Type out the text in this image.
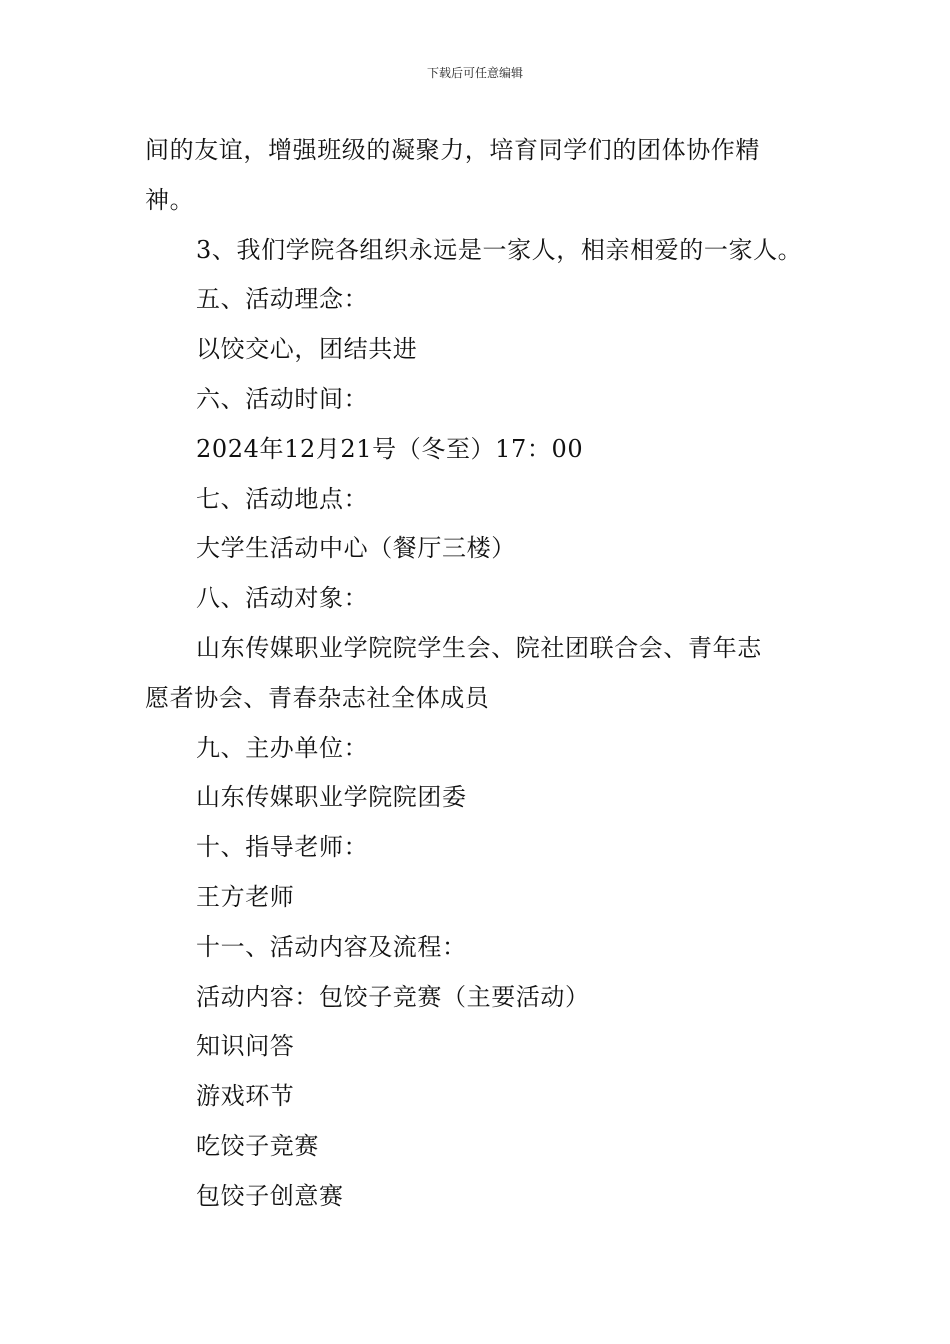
下载后可任意编辑

间的友谊，增强班级的凝聚力，培育同学们的团体协作精

神。

3、我们学院各组织永远是一家人，相亲相爱的一家人。

五、活动理念：

以饺交心，团结共进

六、活动时间：

2024年12月21号（冬至）17：00

七、活动地点：

大学生活动中心（餐厅三楼）

八、活动对象：

山东传媒职业学院院学生会、院社团联合会、青年志

愿者协会、青春杂志社全体成员

九、主办单位：

山东传媒职业学院院团委

十、指导老师：

王方老师

十一、活动内容及流程：

活动内容：包饺子竞赛（主要活动）

知识问答

游戏环节

吃饺子竞赛

包饺子创意赛
